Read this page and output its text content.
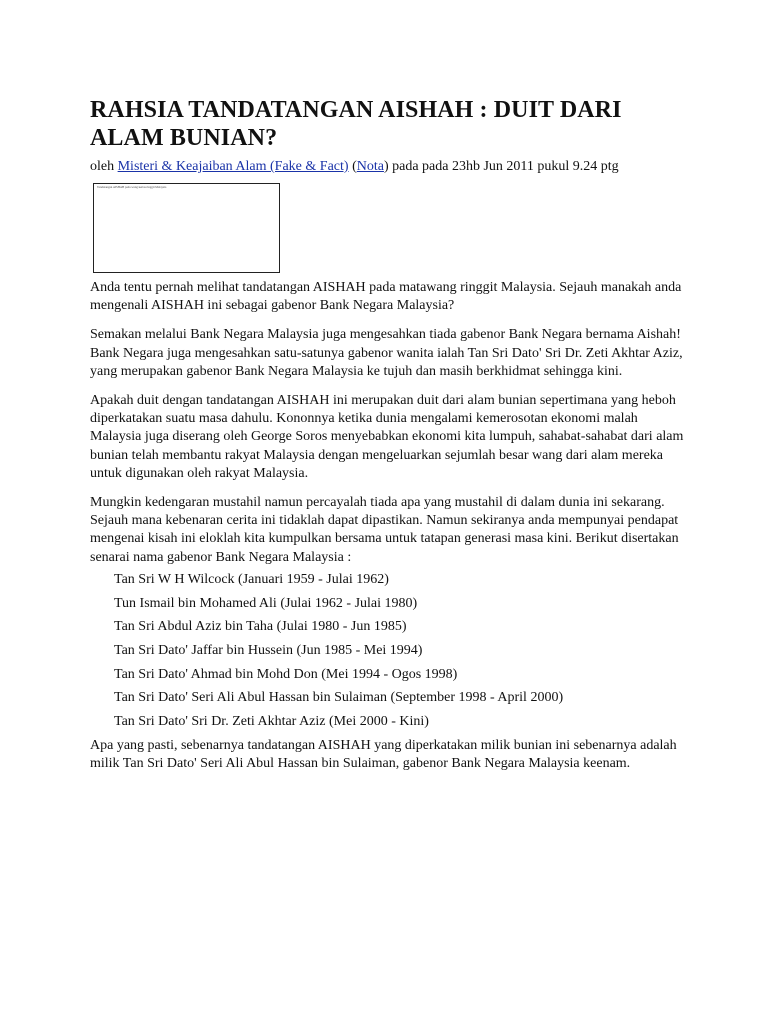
RAHSIA TANDATANGAN AISHAH : DUIT DARI ALAM BUNIAN?
oleh Misteri & Keajaiban Alam (Fake & Fact) (Nota) pada pada 23hb Jun 2011 pukul 9.24 ptg
Tandatangan AISHAH pada wang kertas ringgit Malaysia

Anda tentu pernah melihat tandatangan AISHAH pada matawang ringgit Malaysia. Sejauh manakah anda mengenali AISHAH ini sebagai gabenor Bank Negara Malaysia?

Semakan melalui Bank Negara Malaysia juga mengesahkan tiada gabenor Bank Negara bernama Aishah! Bank Negara juga mengesahkan satu-satunya gabenor wanita ialah Tan Sri Dato' Sri Dr. Zeti Akhtar Aziz, yang merupakan gabenor Bank Negara Malaysia ke tujuh dan masih berkhidmat sehingga kini.

Apakah duit dengan tandatangan AISHAH ini merupakan duit dari alam bunian sepertimana yang heboh diperkatakan suatu masa dahulu. Kononnya ketika dunia mengalami kemerosotan ekonomi malah Malaysia juga diserang oleh George Soros menyebabkan ekonomi kita lumpuh, sahabat-sahabat dari alam bunian telah membantu rakyat Malaysia dengan mengeluarkan sejumlah besar wang dari alam mereka untuk digunakan oleh rakyat Malaysia.

Mungkin kedengaran mustahil namun percayalah tiada apa yang mustahil di dalam dunia ini sekarang. Sejauh mana kebenaran cerita ini tidaklah dapat dipastikan. Namun sekiranya anda mempunyai pendapat mengenai kisah ini eloklah kita kumpulkan bersama untuk tatapan generasi masa kini. Berikut disertakan senarai nama gabenor Bank Negara Malaysia :

Tan Sri W H Wilcock (Januari 1959 - Julai 1962)
Tun Ismail bin Mohamed Ali (Julai 1962 - Julai 1980)
Tan Sri Abdul Aziz bin Taha (Julai 1980 - Jun 1985)
Tan Sri Dato' Jaffar bin Hussein (Jun 1985 - Mei 1994)
Tan Sri Dato' Ahmad bin Mohd Don (Mei 1994 - Ogos 1998)
Tan Sri Dato' Seri Ali Abul Hassan bin Sulaiman (September 1998 - April 2000)
Tan Sri Dato' Sri Dr. Zeti Akhtar Aziz (Mei 2000 - Kini)

Apa yang pasti, sebenarnya tandatangan AISHAH yang diperkatakan milik bunian ini sebenarnya adalah milik Tan Sri Dato' Seri Ali Abul Hassan bin Sulaiman, gabenor Bank Negara Malaysia keenam.
